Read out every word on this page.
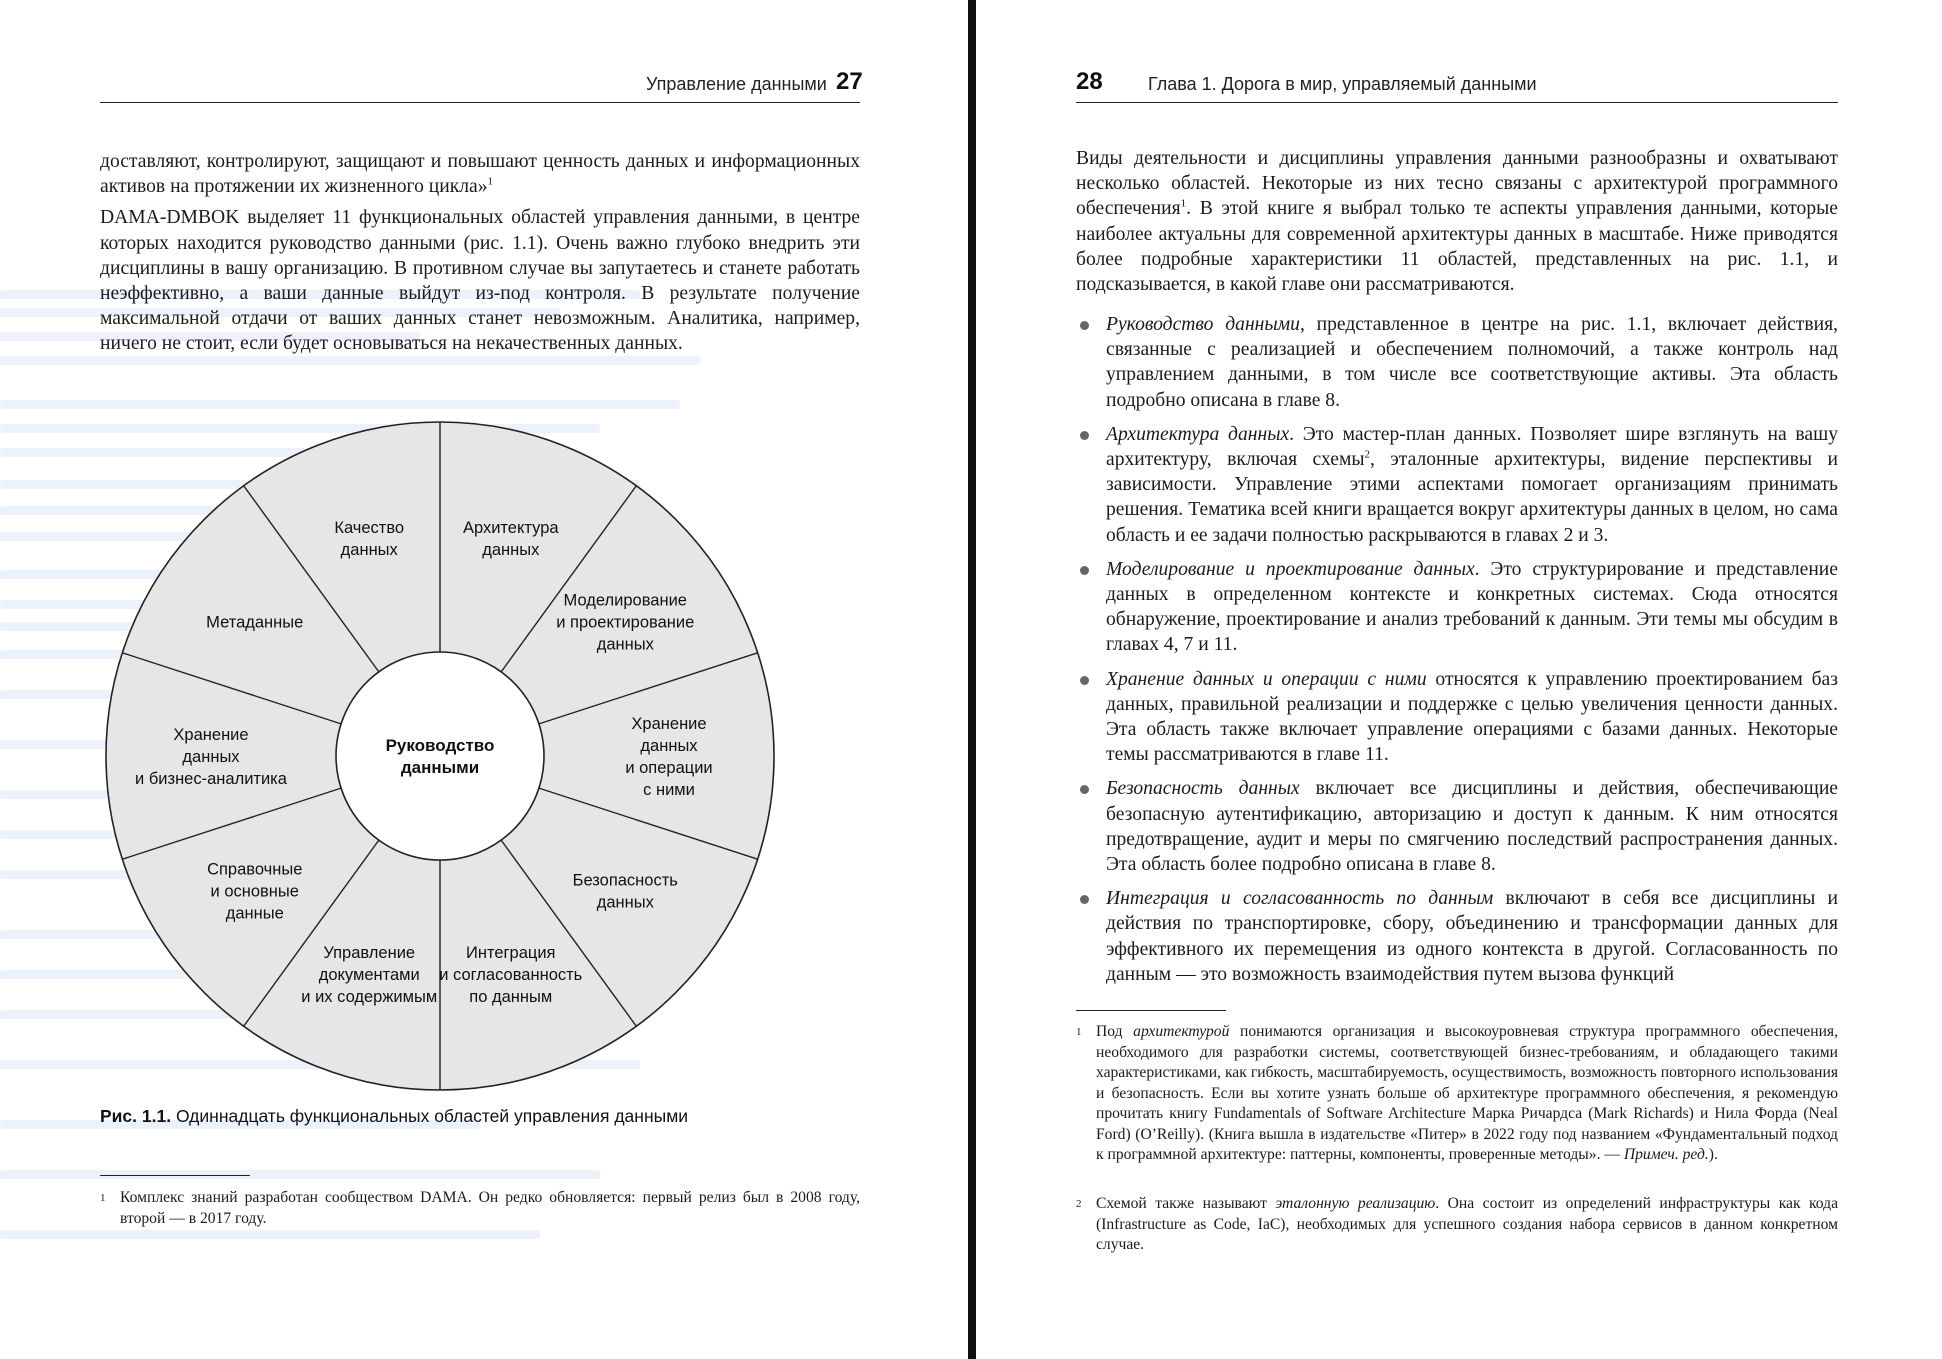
Управление данными 27

доставляют, контролируют, защищают и повышают ценность данных и информационных активов на протяжении их жизненного цикла»$^1$

DAMA-DMBOK выделяет 11 функциональных областей управления данными, в центре которых находится руководство данными (рис. 1.1). Очень важно глубоко внедрить эти дисциплины в вашу организацию. В противном случае вы запутаетесь и станете работать неэффективно, а ваши данные выйдут из-под контроля. В результате получение максимальной отдачи от ваших данных станет невозможным. Аналитика, например, ничего не стоит, если будет основываться на некачественных данных.

Архитектура данных
Моделирование и проектирование данных
Хранение данных и операции с ними
Безопасность данных
Интеграция и согласованность по данным
Управление документами и их содержимым
Справочные и основные данные
Хранение данных и бизнес-аналитика
Метаданные
Качество данных
Руководство данными
Рис. 1.1. Одиннадцать функциональных областей управления данными
1 Комплекс знаний разработан сообществом DAMA. Он редко обновляется: первый релиз был в 2008 году, второй — в 2017 году.
28	Глава 1. Дорога в мир, управляемый данными

Виды деятельности и дисциплины управления данными разнообразны и охватывают несколько областей. Некоторые из них тесно связаны с архитектурой программного обеспечения$^1$. В этой книге я выбрал только те аспекты управления данными, которые наиболее актуальны для современной архитектуры данных в масштабе. Ниже приводятся более подробные характеристики 11 областей, представленных на рис. 1.1, и подсказывается, в какой главе они рассматриваются.

Руководство данными, представленное в центре на рис. 1.1, включает действия, связанные с реализацией и обеспечением полномочий, а также контроль над управлением данными, в том числе все соответствующие активы. Эта область подробно описана в главе 8.
Архитектура данных. Это мастер-план данных. Позволяет шире взглянуть на вашу архитектуру, включая схемы$^2$, эталонные архитектуры, видение перспективы и зависимости. Управление этими аспектами помогает организациям принимать решения. Тематика всей книги вращается вокруг архитектуры данных в целом, но сама область и ее задачи полностью раскрываются в главах 2 и 3.
Моделирование и проектирование данных. Это структурирование и представление данных в определенном контексте и конкретных системах. Сюда относятся обнаружение, проектирование и анализ требований к данным. Эти темы мы обсудим в главах 4, 7 и 11.
Хранение данных и операции с ними относятся к управлению проектированием баз данных, правильной реализации и поддержке с целью увеличения ценности данных. Эта область также включает управление операциями с базами данных. Некоторые темы рассматриваются в главе 11.
Безопасность данных включает все дисциплины и действия, обеспечивающие безопасную аутентификацию, авторизацию и доступ к данным. К ним относятся предотвращение, аудит и меры по смягчению последствий распространения данных. Эта область более подробно описана в главе 8.
Интеграция и согласованность по данным включают в себя все дисциплины и действия по транспортировке, сбору, объединению и трансформации данных для эффективного их перемещения из одного контекста в другой. Согласованность по данным — это возможность взаимодействия путем вызова функций
1 Под архитектурой понимаются организация и высокоуровневая структура программного обеспечения, необходимого для разработки системы, соответствующей бизнес-требованиям, и обладающего такими характеристиками, как гибкость, масштабируемость, осуществимость, возможность повторного использования и безопасность. Если вы хотите узнать больше об архитектуре программного обеспечения, я рекомендую прочитать книгу Fundamentals of Software Architecture Марка Ричардса (Mark Richards) и Нила Форда (Neal Ford) (O’Reilly). (Книга вышла в издательстве «Питер» в 2022 году под названием «Фундаментальный подход к программной архитектуре: паттерны, компоненты, проверенные методы». — Примеч. ред.).
2 Схемой также называют эталонную реализацию. Она состоит из определений инфраструктуры как кода (Infrastructure as Code, IaC), необходимых для успешного создания набора сервисов в данном конкретном случае.
